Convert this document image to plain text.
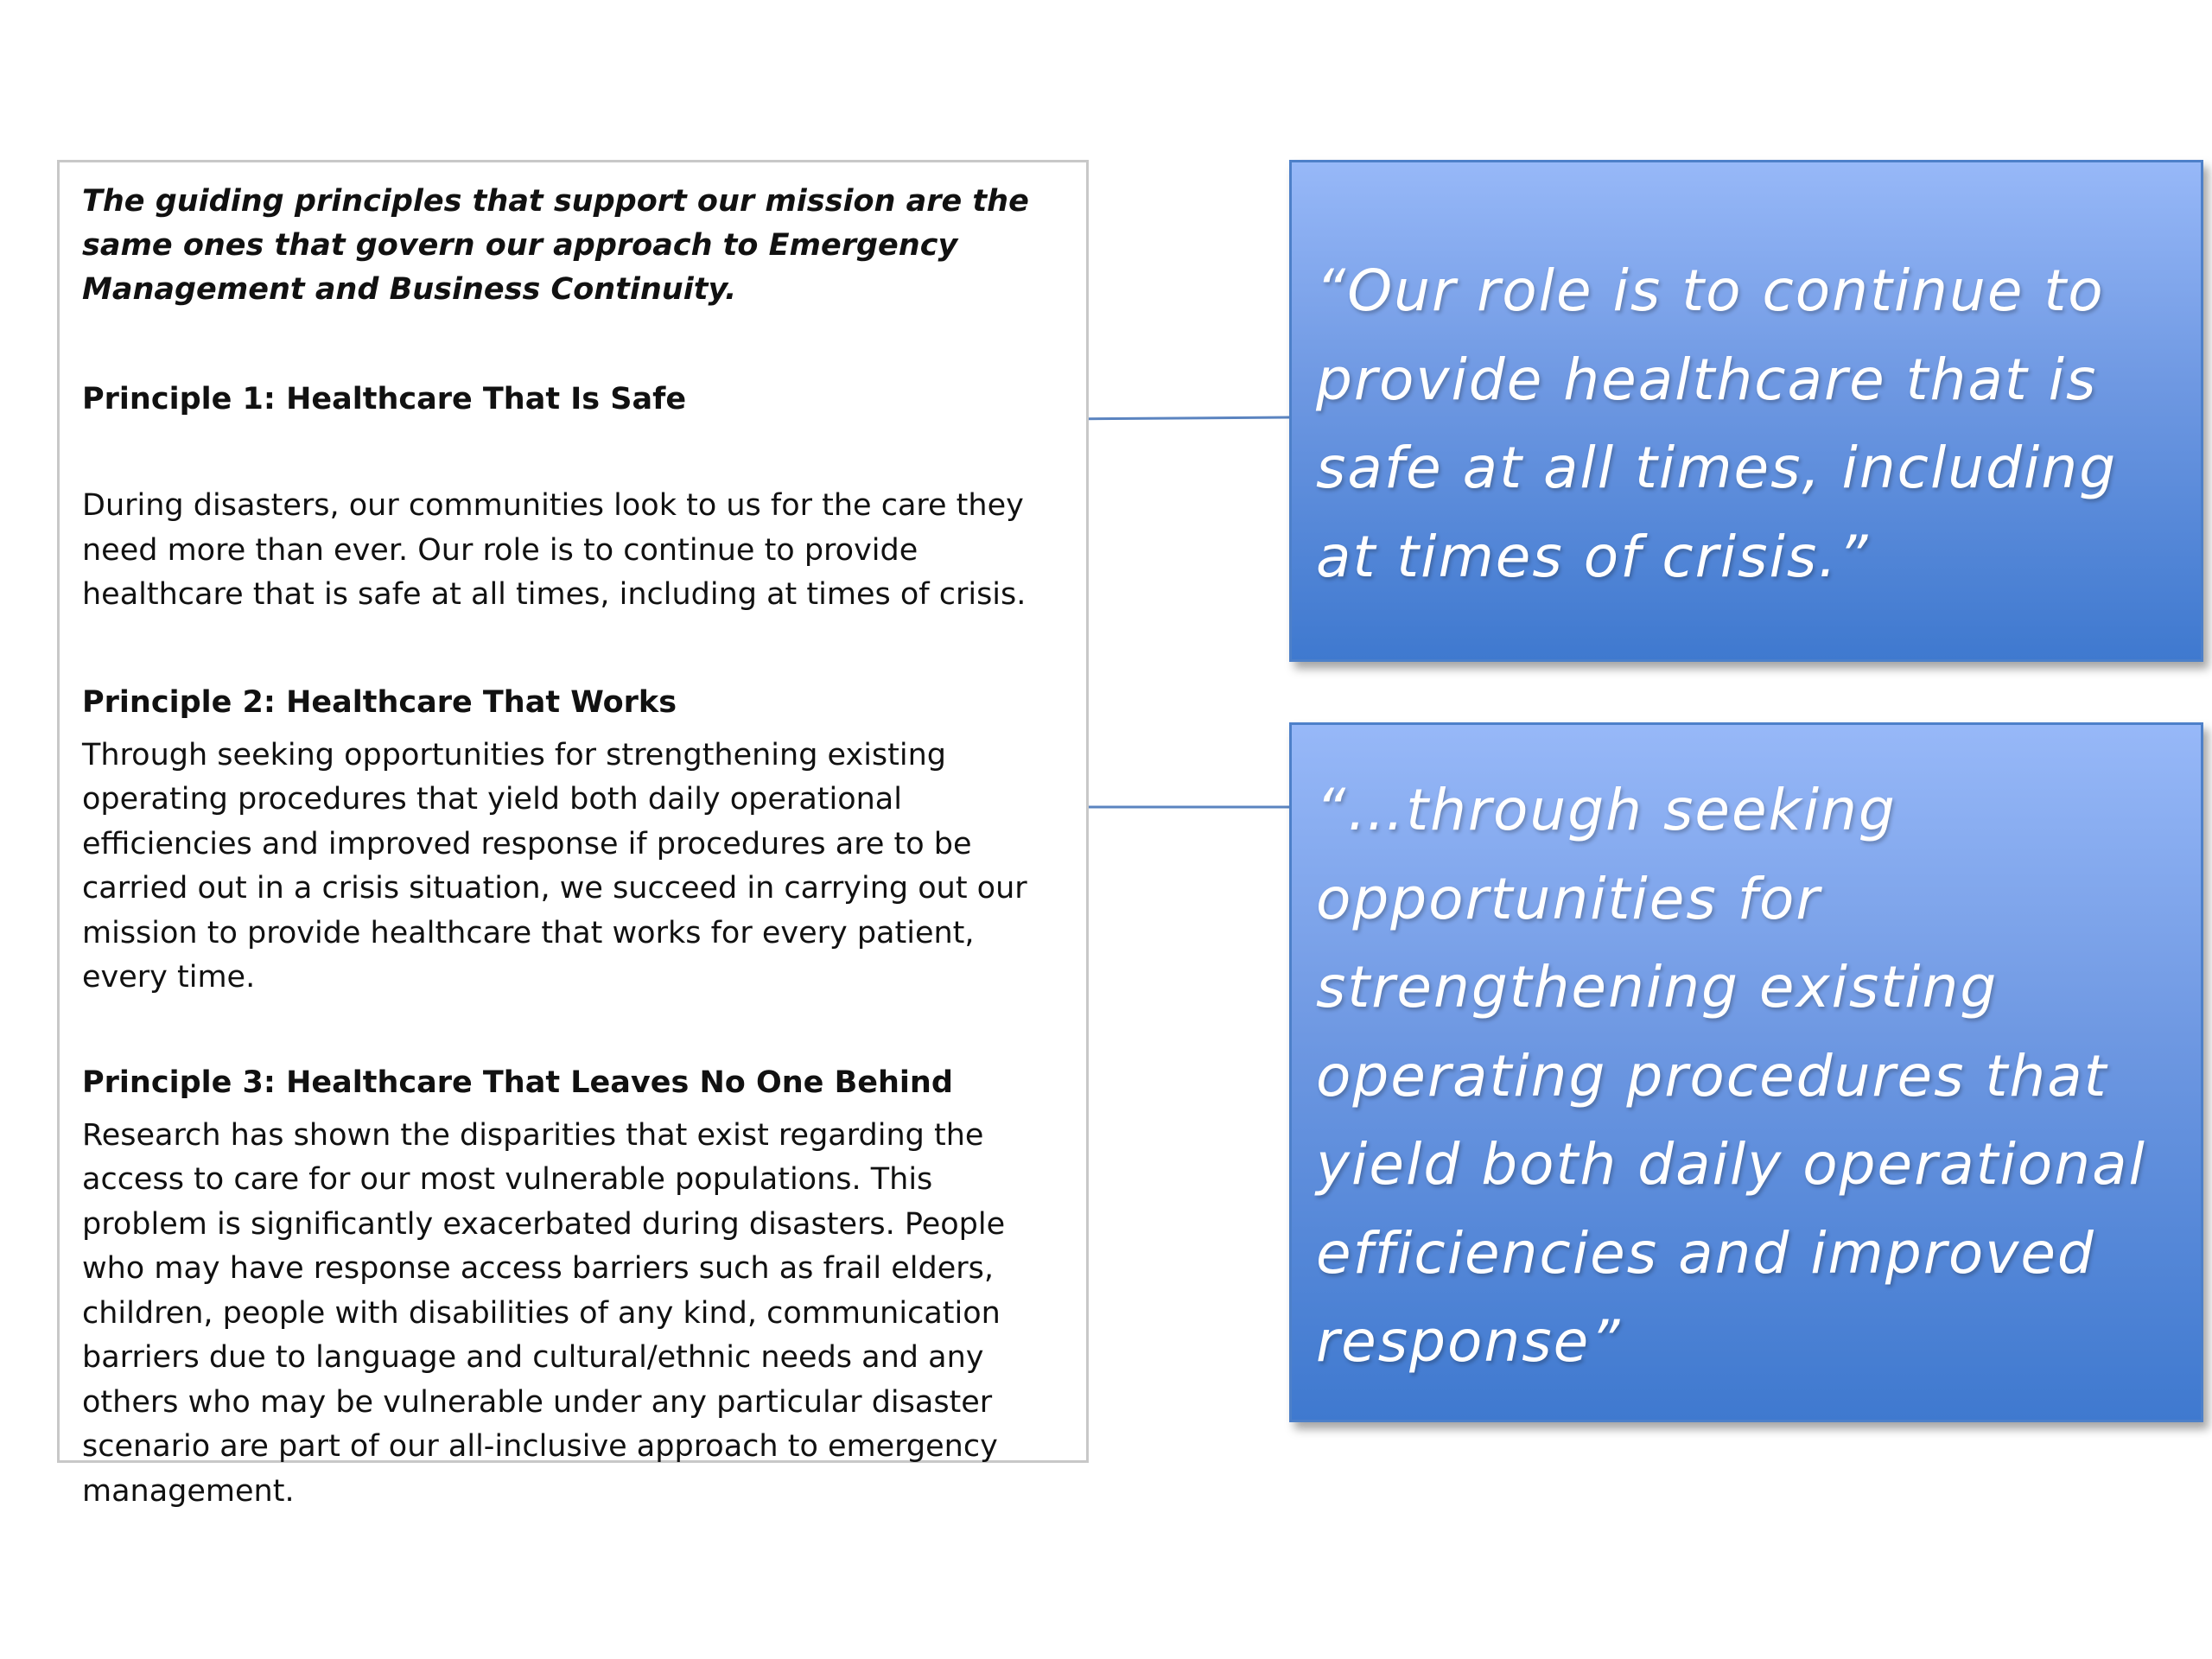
The guiding principles that support our mission are the same ones that govern our approach to Emergency Management and Business Continuity.

Principle 1: Healthcare That Is Safe

During disasters, our communities look to us for the care they need more than ever. Our role is to continue to provide healthcare that is safe at all times, including at times of crisis.

Principle 2: Healthcare That Works

Through seeking opportunities for strengthening existing operating procedures that yield both daily operational efficiencies and improved response if procedures are to be carried out in a crisis situation, we succeed in carrying out our mission to provide healthcare that works for every patient, every time.

Principle 3: Healthcare That Leaves No One Behind

Research has shown the disparities that exist regarding the access to care for our most vulnerable populations. This problem is significantly exacerbated during disasters. People who may have response access barriers such as frail elders, children, people with disabilities of any kind, communication barriers due to language and cultural/ethnic needs and any others who may be vulnerable under any particular disaster scenario are part of our all-inclusive approach to emergency management.

“Our role is to continue to provide healthcare that is safe at all times, including at times of crisis.”

“…through seeking opportunities for strengthening existing operating procedures that yield both daily operational efficiencies and improved response”
